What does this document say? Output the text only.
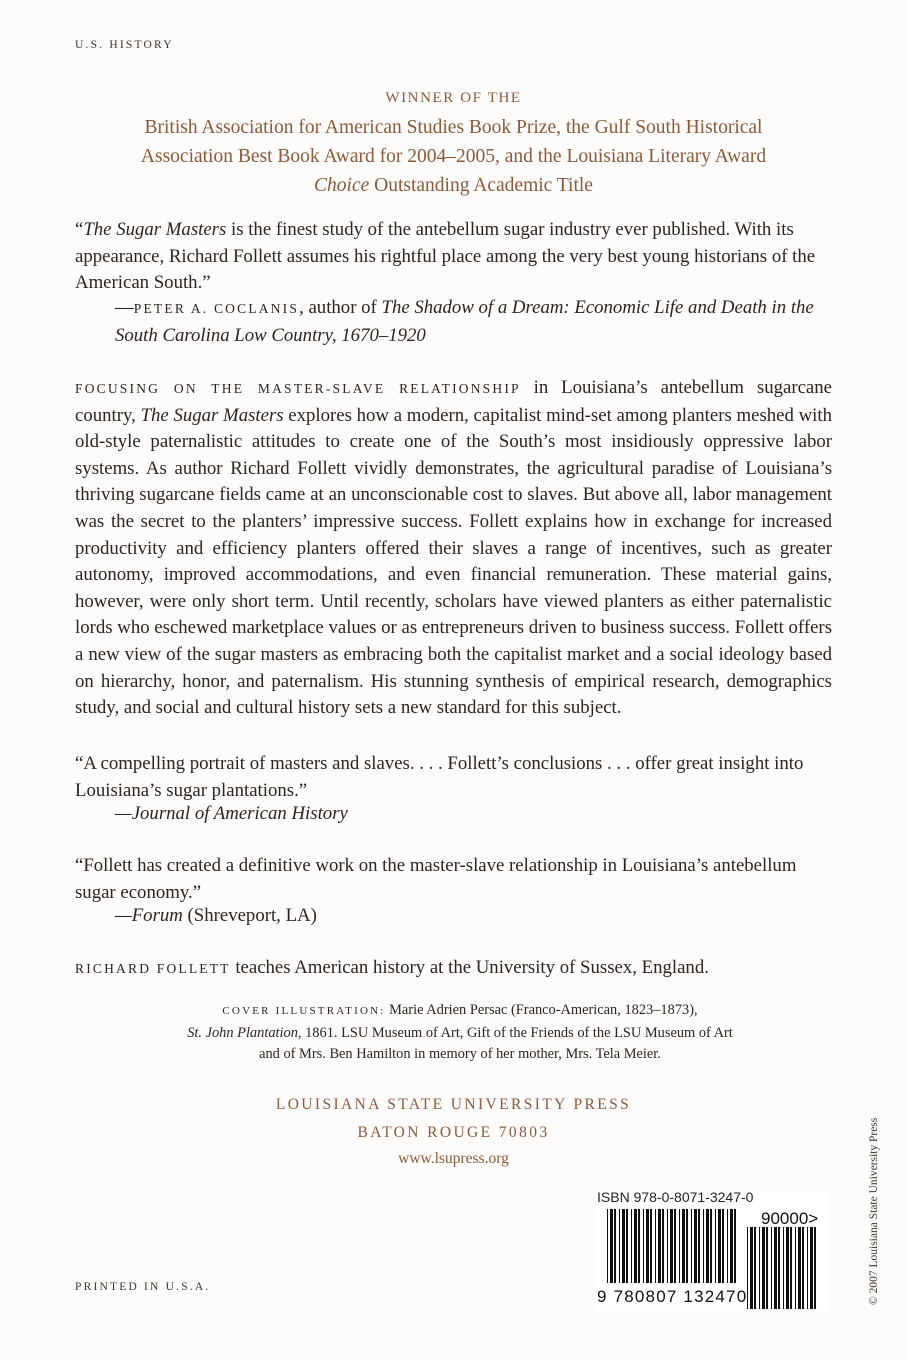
U.S. HISTORY
WINNER OF THE
British Association for American Studies Book Prize, the Gulf South Historical
Association Best Book Award for 2004–2005, and the Louisiana Literary Award
Choice Outstanding Academic Title
“The Sugar Masters is the finest study of the antebellum sugar industry ever published. With its appearance, Richard Follett assumes his rightful place among the very best young historians of the American South.”
—PETER A. COCLANIS, author of The Shadow of a Dream: Economic Life and Death in the South Carolina Low Country, 1670–1920
FOCUSING ON THE MASTER-SLAVE RELATIONSHIP in Louisiana’s antebellum sugarcane country, The Sugar Masters explores how a modern, capitalist mind-set among planters meshed with old-style paternalistic attitudes to create one of the South’s most insidiously oppressive labor systems. As author Richard Follett vividly demonstrates, the agricultural paradise of Louisiana’s thriving sugarcane fields came at an unconscionable cost to slaves. But above all, labor management was the secret to the planters’ impressive success. Follett explains how in exchange for increased productivity and efficiency planters offered their slaves a range of incentives, such as greater autonomy, improved accommodations, and even financial remuneration. These material gains, however, were only short term. Until recently, scholars have viewed planters as either paternalistic lords who eschewed marketplace values or as entrepreneurs driven to business success. Follett offers a new view of the sugar masters as embracing both the capitalist market and a social ideology based on hierarchy, honor, and paternalism. His stunning synthesis of empirical research, demographics study, and social and cultural history sets a new standard for this subject.
“A compelling portrait of masters and slaves. . . . Follett’s conclusions . . . offer great insight into Louisiana’s sugar plantations.”
—Journal of American History
“Follett has created a definitive work on the master-slave relationship in Louisiana’s antebellum sugar economy.”
—Forum (Shreveport, LA)
RICHARD FOLLETT teaches American history at the University of Sussex, England.
COVER ILLUSTRATION: Marie Adrien Persac (Franco-American, 1823–1873),
St. John Plantation, 1861. LSU Museum of Art, Gift of the Friends of the LSU Museum of Art
and of Mrs. Ben Hamilton in memory of her mother, Mrs. Tela Meier.
LOUISIANA STATE UNIVERSITY PRESS
BATON ROUGE 70803
www.lsupress.org
ISBN 978-0-8071-3247-0
9 780807 132470
90000>
PRINTED IN U.S.A.	© 2007 Louisiana State University Press
